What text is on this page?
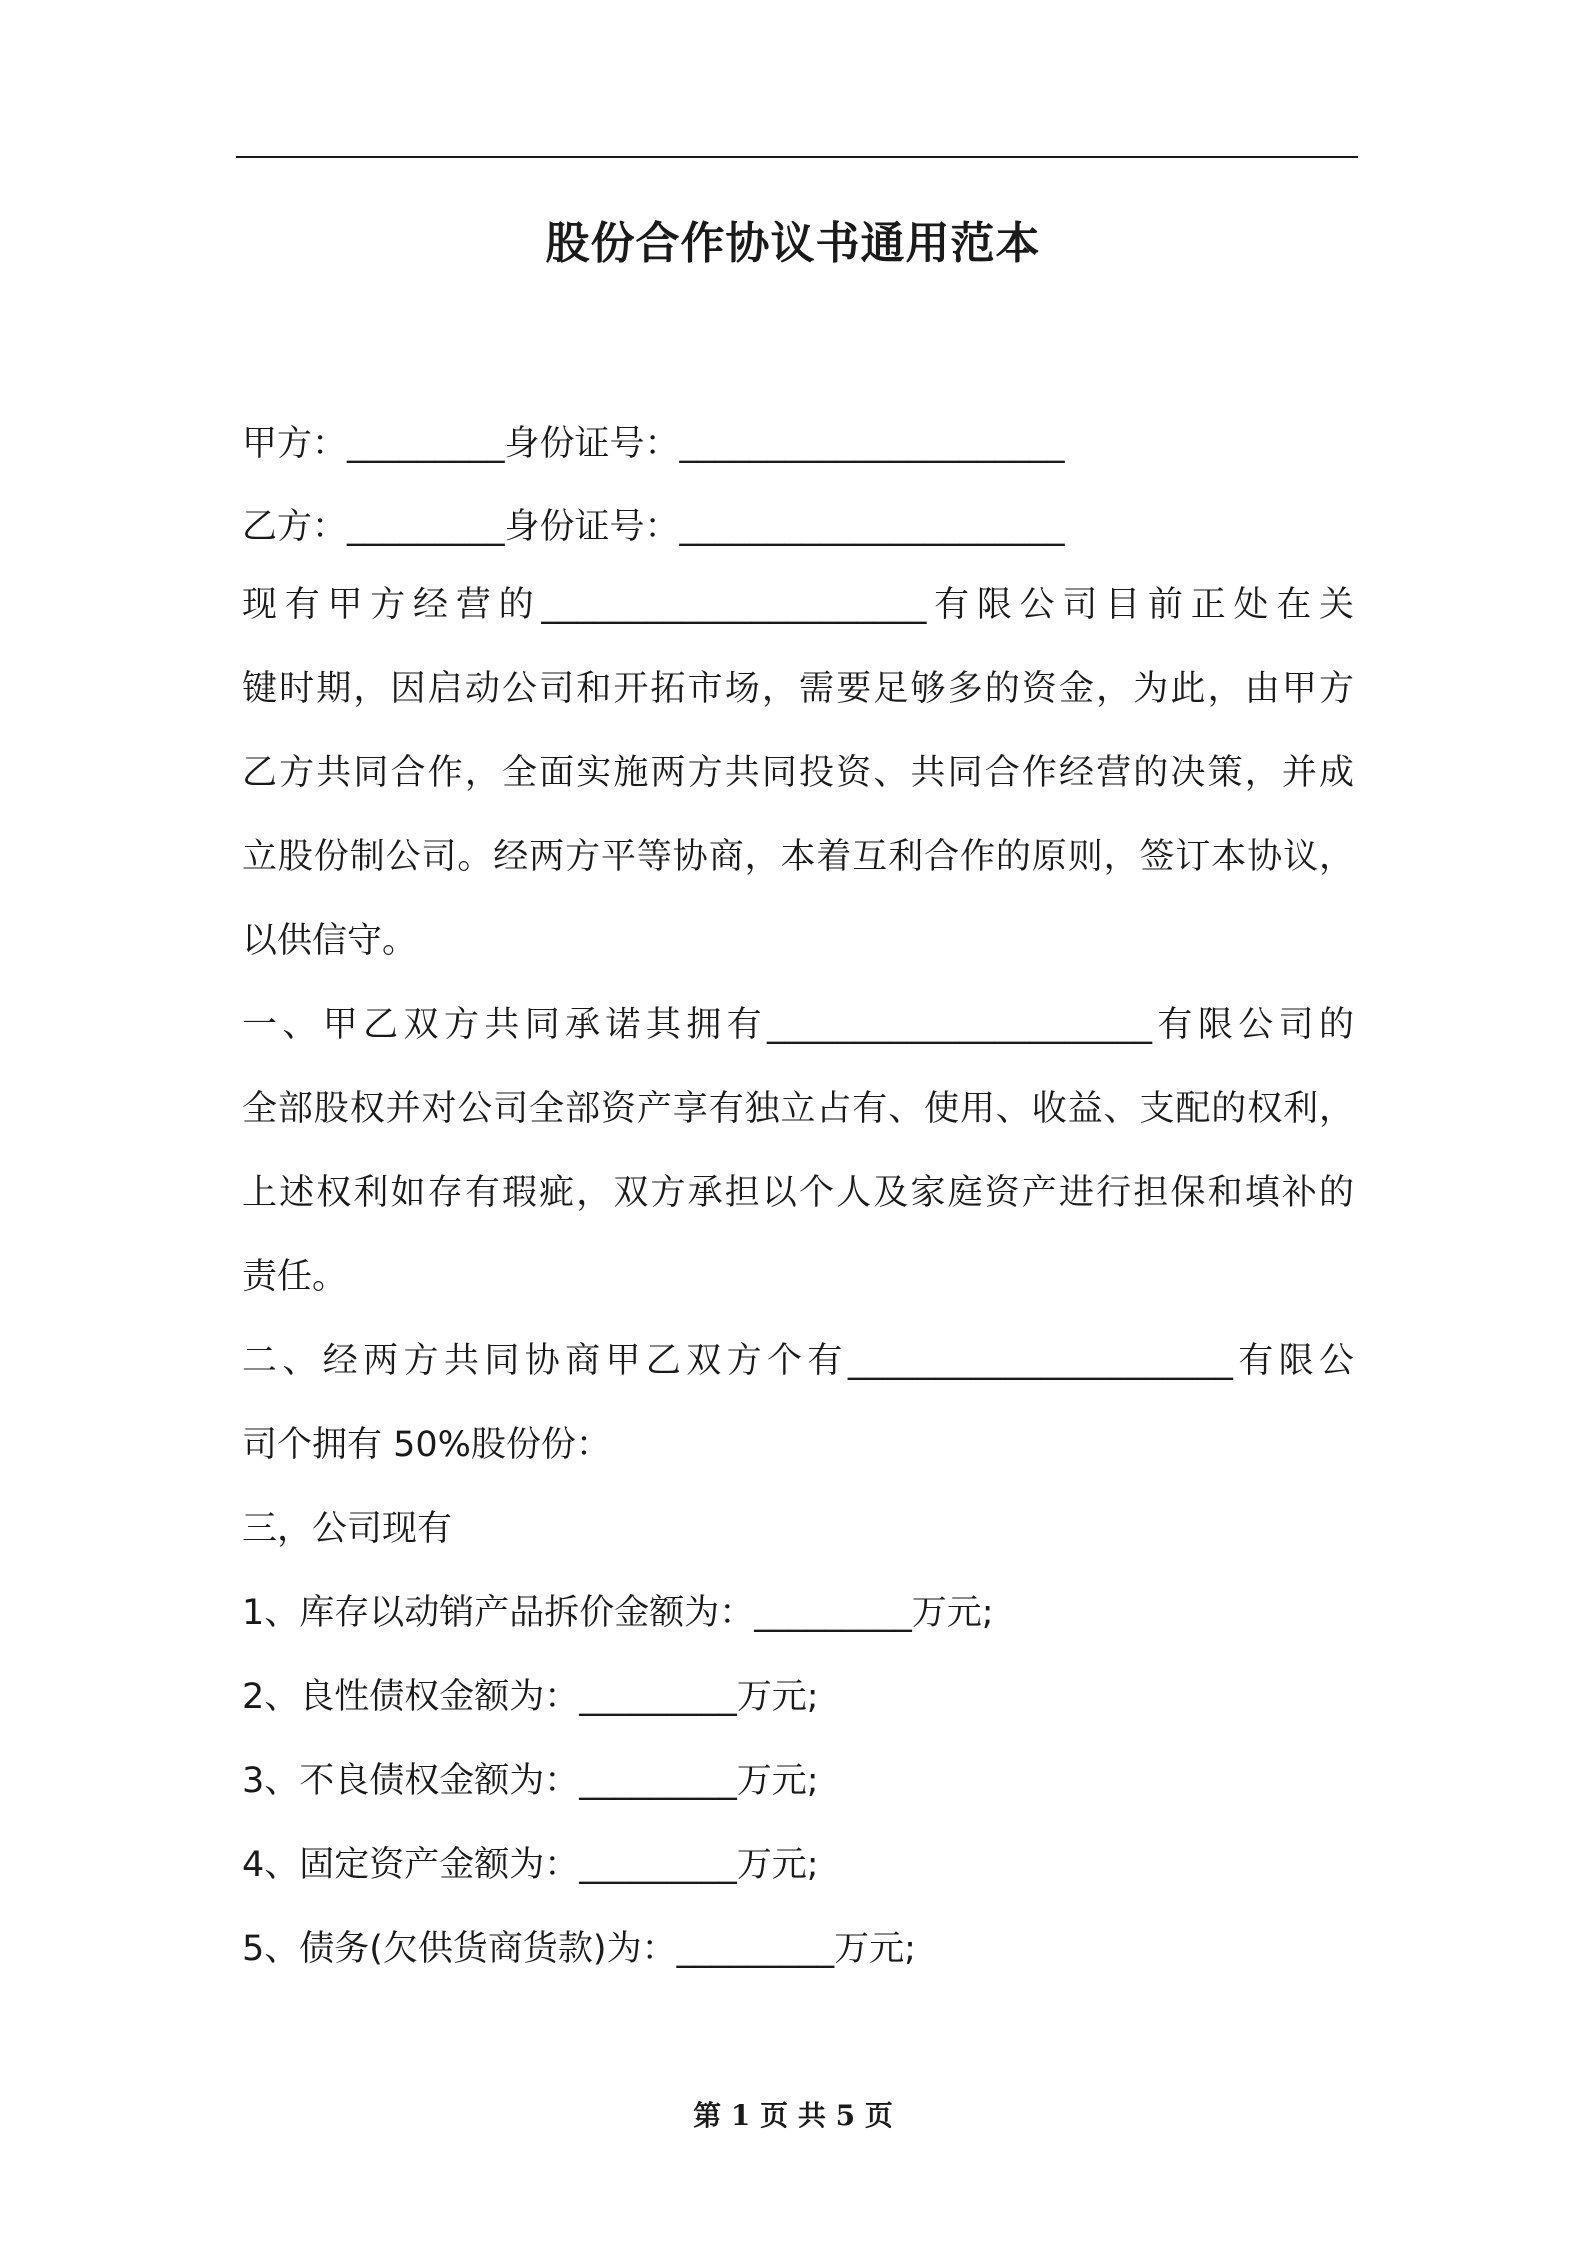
股份合作协议书通用范本
甲方：_________身份证号：______________________
乙方：_________身份证号：______________________
现有甲方经营的______________________有限公司目前正处在关
键时期，因启动公司和开拓市场，需要足够多的资金，为此，由甲方
乙方共同合作，全面实施两方共同投资、共同合作经营的决策，并成
立股份制公司。经两方平等协商，本着互利合作的原则，签订本协议，
以供信守。
一、甲乙双方共同承诺其拥有______________________有限公司的
全部股权并对公司全部资产享有独立占有、使用、收益、支配的权利，
上述权利如存有瑕疵，双方承担以个人及家庭资产进行担保和填补的
责任。
二、经两方共同协商甲乙双方个有______________________有限公
司个拥有 50%股份份：
三，公司现有
1、库存以动销产品拆价金额为：_________万元;
2、良性债权金额为：_________万元;
3、不良债权金额为：_________万元;
4、固定资产金额为：_________万元;
5、债务(欠供货商货款)为：_________万元;
第 1 页 共 5 页
